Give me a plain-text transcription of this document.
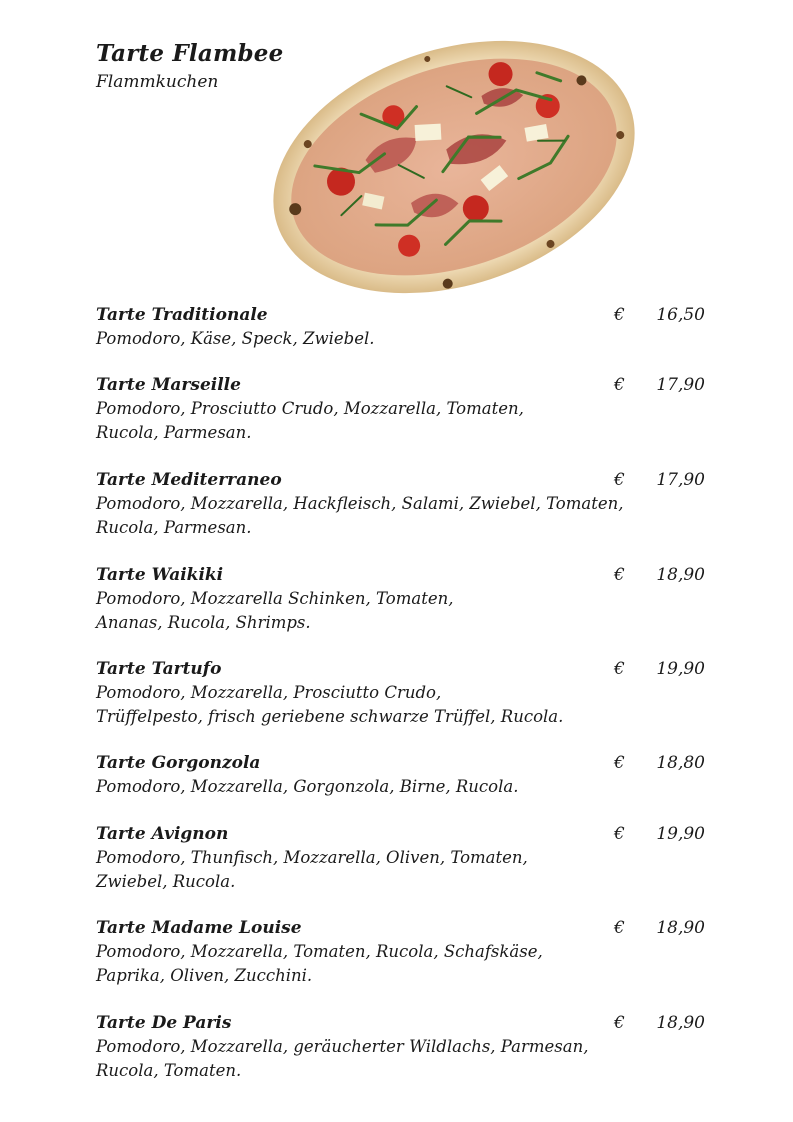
Tarte Flambee
Flammkuchen
Tarte Traditionale	€ 16,50
Pomodoro, Käse, Speck, Zwiebel.
Tarte Marseille	€ 17,90
Pomodoro, Prosciutto Crudo, Mozzarella, Tomaten,
Rucola, Parmesan.
Tarte Mediterraneo	€ 17,90
Pomodoro, Mozzarella, Hackfleisch, Salami, Zwiebel, Tomaten,
Rucola, Parmesan.
Tarte Waikiki	€ 18,90
Pomodoro, Mozzarella Schinken, Tomaten,
Ananas, Rucola, Shrimps.
Tarte Tartufo	€ 19,90
Pomodoro, Mozzarella, Prosciutto Crudo,
Trüffelpesto, frisch geriebene schwarze Trüffel, Rucola.
Tarte Gorgonzola	€ 18,80
Pomodoro, Mozzarella, Gorgonzola, Birne, Rucola.
Tarte Avignon	€ 19,90
Pomodoro, Thunfisch, Mozzarella, Oliven, Tomaten,
Zwiebel, Rucola.
Tarte Madame Louise	€ 18,90
Pomodoro, Mozzarella, Tomaten, Rucola, Schafskäse,
Paprika, Oliven, Zucchini.
Tarte De Paris	€ 18,90
Pomodoro, Mozzarella, geräucherter Wildlachs, Parmesan,
Rucola, Tomaten.
